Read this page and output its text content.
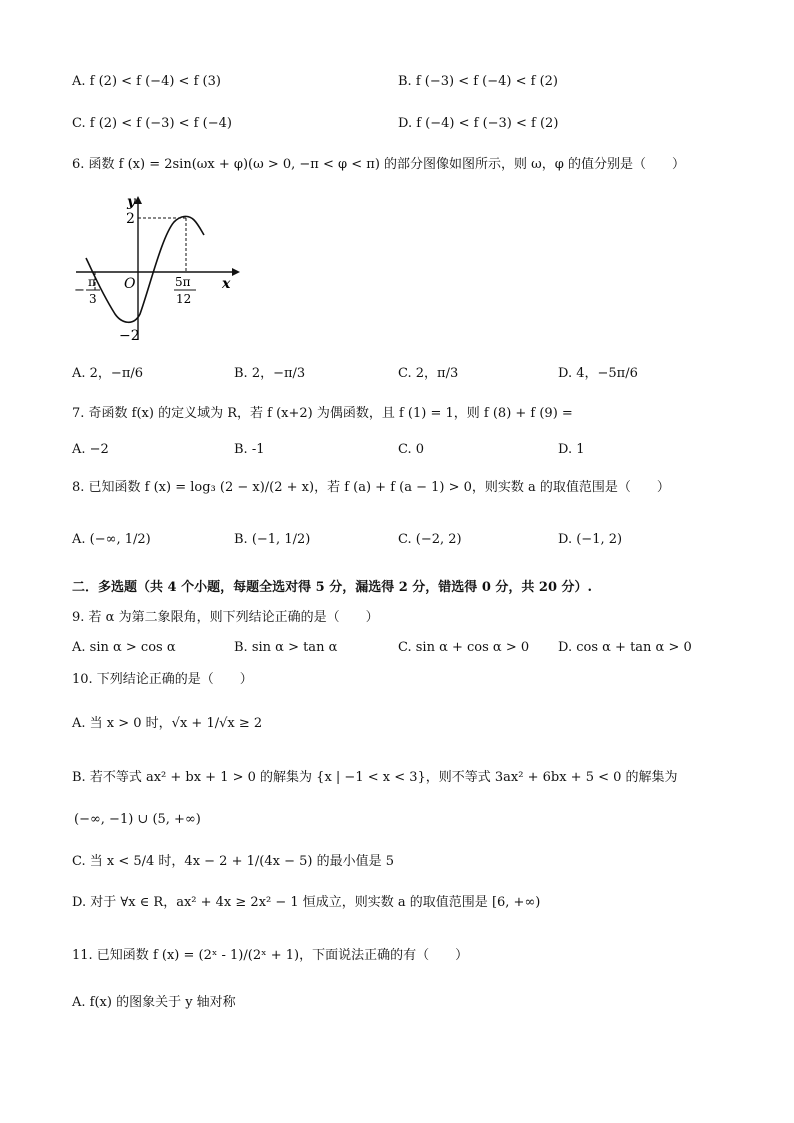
A. f (2) < f (−4) < f (3)	B. f (−3) < f (−4) < f (2)
C. f (2) < f (−3) < f (−4)	D. f (−4) < f (−3) < f (2)
6. 函数 f (x) = 2sin(ωx + φ)(ω > 0, −π < φ < π) 的部分图像如图所示，则 ω，φ 的值分别是（　　）
y
x
O
2
−2
−
π
3
5π
12
A. 2，−π/6	B. 2，−π/3	C. 2，π/3	D. 4，−5π/6
7. 奇函数 f(x) 的定义域为 R，若 f (x+2) 为偶函数，且 f (1) = 1，则 f (8) + f (9) =
A. −2	B. -1	C. 0	D. 1
8. 已知函数 f (x) = log₃ (2 − x)/(2 + x)，若 f (a) + f (a − 1) > 0，则实数 a 的取值范围是（　　）
A. (−∞, 1/2)	B. (−1, 1/2)	C. (−2, 2)	D. (−1, 2)
二．多选题（共 4 个小题，每题全选对得 5 分，漏选得 2 分，错选得 0 分，共 20 分）.
9. 若 α 为第二象限角，则下列结论正确的是（　　）
A. sin α > cos α	B. sin α > tan α	C. sin α + cos α > 0 D. cos α + tan α > 0
10. 下列结论正确的是（　　）
A. 当 x > 0 时，√x + 1/√x ≥ 2
B. 若不等式 ax² + bx + 1 > 0 的解集为 {x | −1 < x < 3}，则不等式 3ax² + 6bx + 5 < 0 的解集为
(−∞, −1) ∪ (5, +∞)
C. 当 x < 5/4 时，4x − 2 + 1/(4x − 5) 的最小值是 5
D. 对于 ∀x ∈ R，ax² + 4x ≥ 2x² − 1 恒成立，则实数 a 的取值范围是 [6, +∞)
11. 已知函数 f (x) = (2ˣ - 1)/(2ˣ + 1)，下面说法正确的有（　　）
A. f(x) 的图象关于 y 轴对称
